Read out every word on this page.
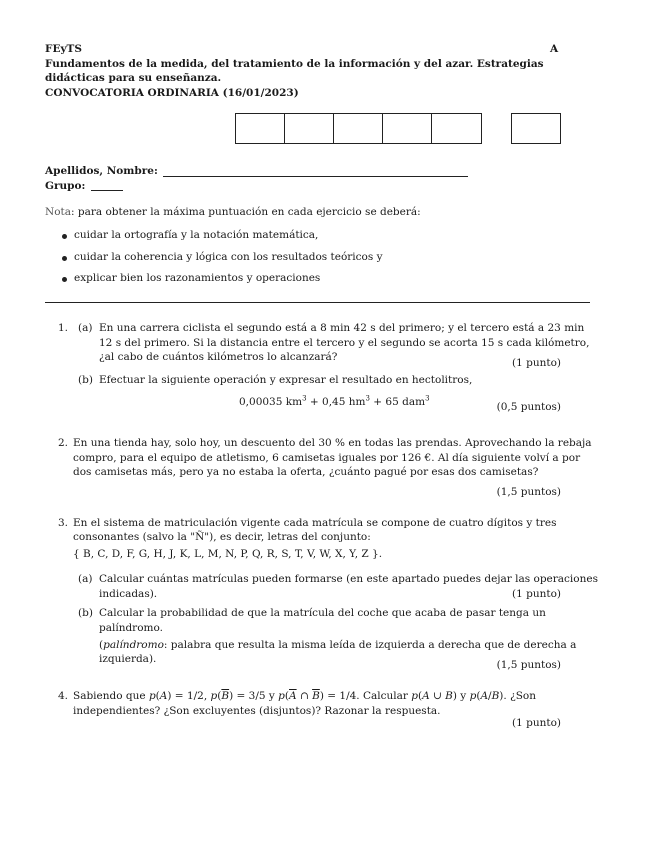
FEyTS	A
Fundamentos de la medida, del tratamiento de la información y del azar. Estrategias
didácticas para su enseñanza.
CONVOCATORIA ORDINARIA (16/01/2023)
Apellidos, Nombre:
Grupo:
Nota: para obtener la máxima puntuación en cada ejercicio se deberá:
cuidar la ortografía y la notación matemática,
cuidar la coherencia y lógica con los resultados teóricos y
explicar bien los razonamientos y operaciones
1. (a) En una carrera ciclista el segundo está a 8 min 42 s del primero; y el tercero está a 23 min
12 s del primero. Si la distancia entre el tercero y el segundo se acorta 15 s cada kilómetro,
¿al cabo de cuántos kilómetros lo alcanzará?	(1 punto)
(b) Efectuar la siguiente operación y expresar el resultado en hectolitros,
0,00035 $km^3 + 0,45$ $hm^3 + 65$ dam$^3$
(0,5 puntos)
2. En una tienda hay, solo hoy, un descuento del 30 % en todas las prendas. Aprovechando la rebaja
compro, para el equipo de atletismo, 6 camisetas iguales por 126 €. Al día siguiente volví a por
dos camisetas más, pero ya no estaba la oferta, ¿cuánto pagué por esas dos camisetas?
(1,5 puntos)
3. En el sistema de matriculación vigente cada matrícula se compone de cuatro dígitos y tres
consonantes (salvo la "Ñ"), es decir, letras del conjunto:
{ B, C, D, F, G, H, J, K, L, M, N, P, Q, R, S, T, V, W, X, Y, Z }.
(a) Calcular cuántas matrículas pueden formarse (en este apartado puedes dejar las operaciones
indicadas).	(1 punto)
(b) Calcular la probabilidad de que la matrícula del coche que acaba de pasar tenga un
palíndromo.
(palíndromo: palabra que resulta la misma leída de izquierda a derecha que de derecha a
izquierda).	(1,5 puntos)
4. Sabiendo que p(A) = 1/2, $p(\overline{B}) = 3/5$ y $p(\overline{A}$ ∩ $\overline{B}) = 1/4$. Calcular p(A ∪ B) y p(A/B). ¿Son
independientes? ¿Son excluyentes (disjuntos)? Razonar la respuesta.
(1 punto)
